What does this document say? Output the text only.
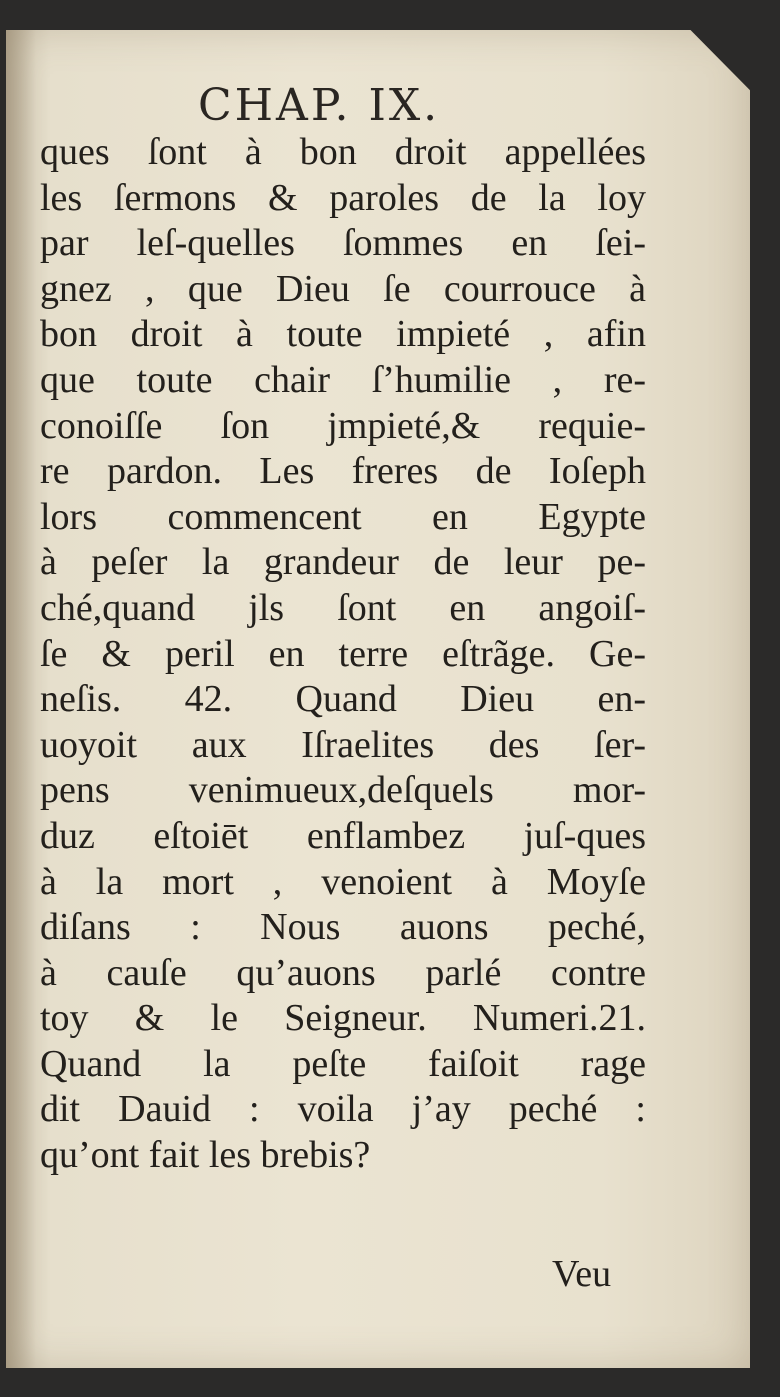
CHAP. IX.
ques ſont à bon droit appellées
les ſermons & paroles de la loy
par leſ-quelles ſommes en ſei-
gnez , que Dieu ſe courrouce à
bon droit à toute impieté , afin
que toute chair ſ’humilie , re-
conoiſſe ſon jmpieté,& requie-
re pardon. Les freres de Ioſeph
lors commencent en Egypte
à peſer la grandeur de leur pe-
ché,quand jls ſont en angoiſ-
ſe & peril en terre eſtrãge. Ge-
neſis. 42. Quand Dieu en-
uoyoit aux Iſraelites des ſer-
pens venimueux,deſquels mor-
duz eſtoiēt enflambez juſ-ques
à la mort , venoient à Moyſe
diſans : Nous auons peché,
à cauſe qu’auons parlé contre
toy & le Seigneur. Numeri.21.
Quand la peſte faiſoit rage
dit Dauid : voila j’ay peché :
qu’ont fait les brebis?
Veu
